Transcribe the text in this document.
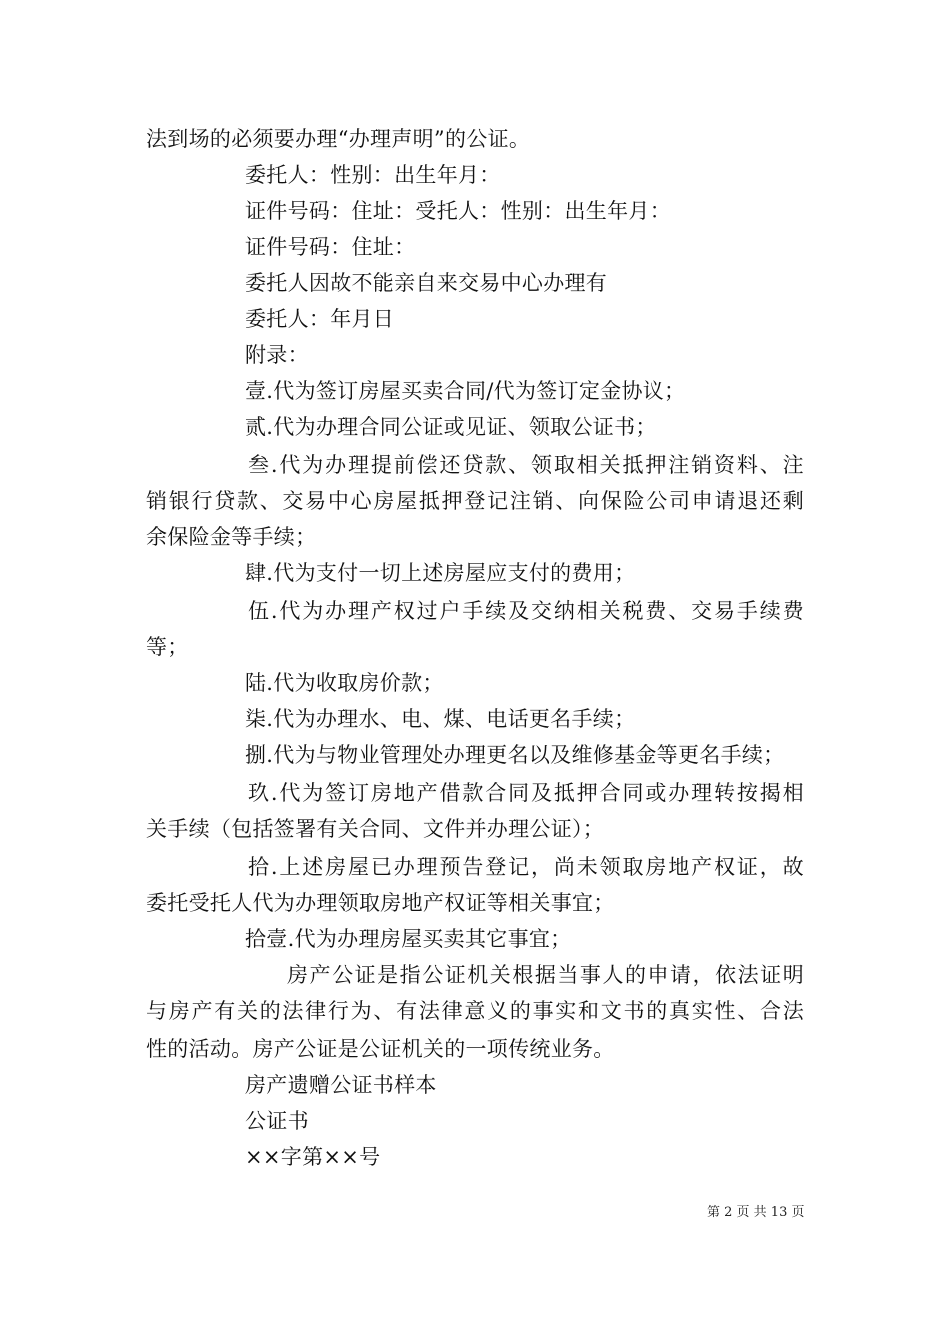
法到场的必须要办理“办理声明”的公证。
委托人：性别：出生年月：
证件号码：住址：受托人：性别：出生年月：
证件号码：住址：
委托人因故不能亲自来交易中心办理有
委托人：年月日
附录：
壹.代为签订房屋买卖合同/代为签订定金协议；
贰.代为办理合同公证或见证、领取公证书；
叁.代为办理提前偿还贷款、领取相关抵押注销资料、注
销银行贷款、交易中心房屋抵押登记注销、向保险公司申请退还剩
余保险金等手续；
肆.代为支付一切上述房屋应支付的费用；
伍.代为办理产权过户手续及交纳相关税费、交易手续费
等；
陆.代为收取房价款；
柒.代为办理水、电、煤、电话更名手续；
捌.代为与物业管理处办理更名以及维修基金等更名手续；
玖.代为签订房地产借款合同及抵押合同或办理转按揭相
关手续（包括签署有关合同、文件并办理公证）；
拾.上述房屋已办理预告登记，尚未领取房地产权证，故
委托受托人代为办理领取房地产权证等相关事宜；
拾壹.代为办理房屋买卖其它事宜；
房产公证是指公证机关根据当事人的申请，依法证明
与房产有关的法律行为、有法律意义的事实和文书的真实性、合法
性的活动。房产公证是公证机关的一项传统业务。
房产遗赠公证书样本
公证书
××字第××号
第 2 页 共 13 页
